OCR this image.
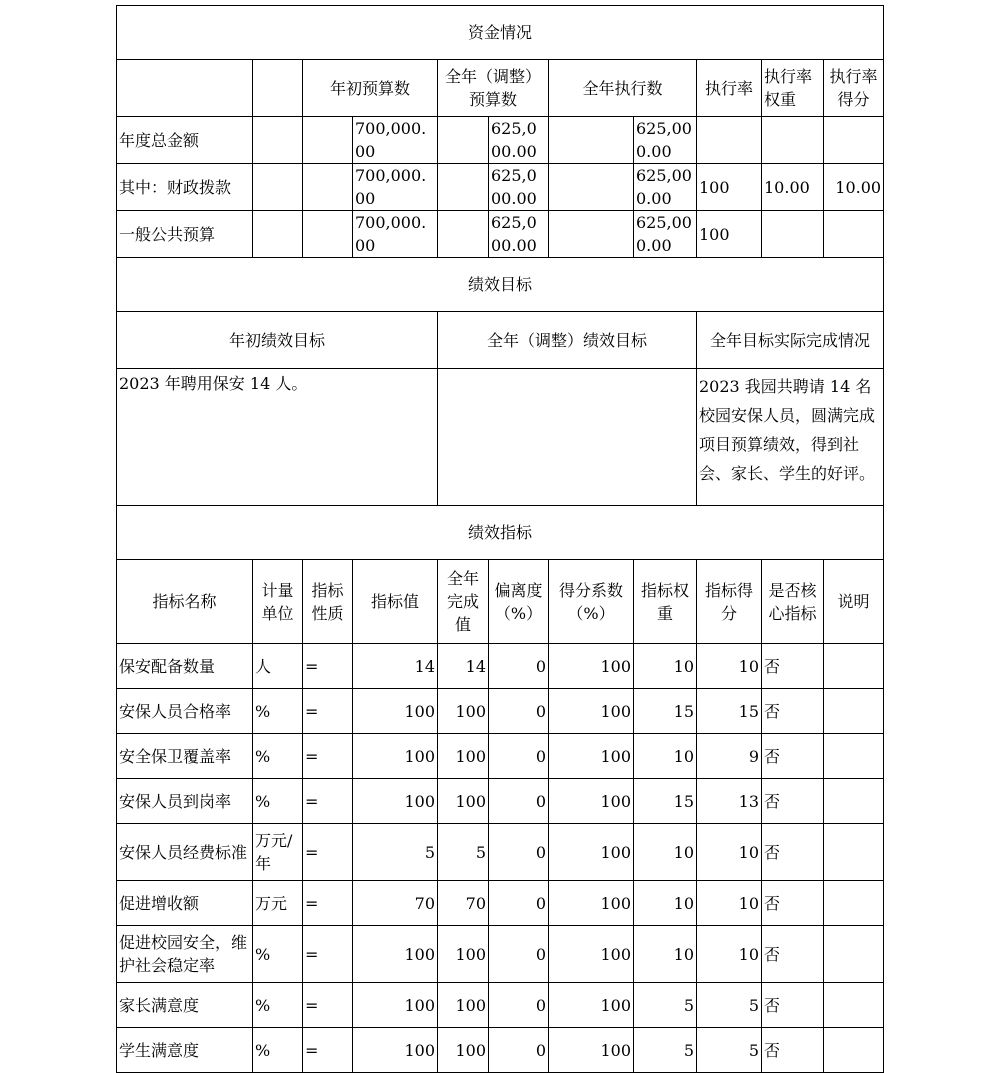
资金情况										
		年初预算数		全年（调整）预算数		全年执行数		执行率	执行率权重	执行率得分
年度总金额			700,000.00		625,000.00		625,000.00			
其中：财政拨款			700,000.00		625,000.00		625,000.00	100	10.00	10.00
一般公共预算			700,000.00		625,000.00		625,000.00	100		
绩效目标										
年初绩效目标				全年（调整）绩效目标				全年目标实际完成情况		
2023 年聘用保安 14 人。								2023 我园共聘请 14 名校园安保人员，圆满完成项目预算绩效，得到社会、家长、学生的好评。		
绩效指标										
指标名称	计量单位	指标性质	指标值	全年完成值	偏离度（%）	得分系数（%）	指标权重	指标得分	是否核心指标	说明
保安配备数量	人	=	14	14	0	100	10	10	否	
安保人员合格率	%	=	100	100	0	100	15	15	否	
安全保卫覆盖率	%	=	100	100	0	100	10	9	否	
安保人员到岗率	%	=	100	100	0	100	15	13	否	
安保人员经费标准	万元/年	=	5	5	0	100	10	10	否	
促进增收额	万元	=	70	70	0	100	10	10	否	
促进校园安全，维护社会稳定率	%	=	100	100	0	100	10	10	否	
家长满意度	%	=	100	100	0	100	5	5	否	
学生满意度	%	=	100	100	0	100	5	5	否	
